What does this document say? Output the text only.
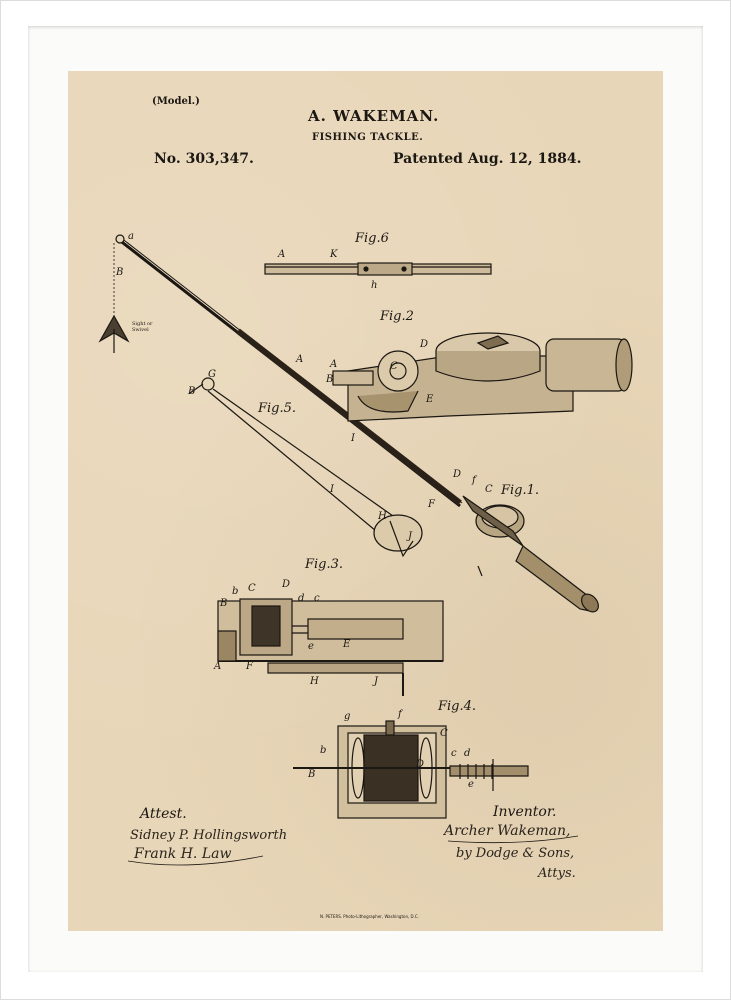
(Model.)
A. WAKEMAN.
FISHING TACKLE.
No. 303,347.	Patented Aug. 12, 1884.
Fig.6
Fig.2
Fig.5.
Fig.1.
Fig.3.
Fig.4.
A	K
h
a
B
A
I
F
D
f
C
Sight or Swivel
A
B
C
D
E
G
B
I
H
J
b C	D
B	d c
A F
e	E
H	J
g	f
C
b
D
c d
B
e
Attest.
Sidney P. Hollingsworth
Frank H. Law
Inventor.
Archer Wakeman,
by Dodge & Sons,
Attys.
N. PETERS. Photo-Lithographer, Washington, D.C.
